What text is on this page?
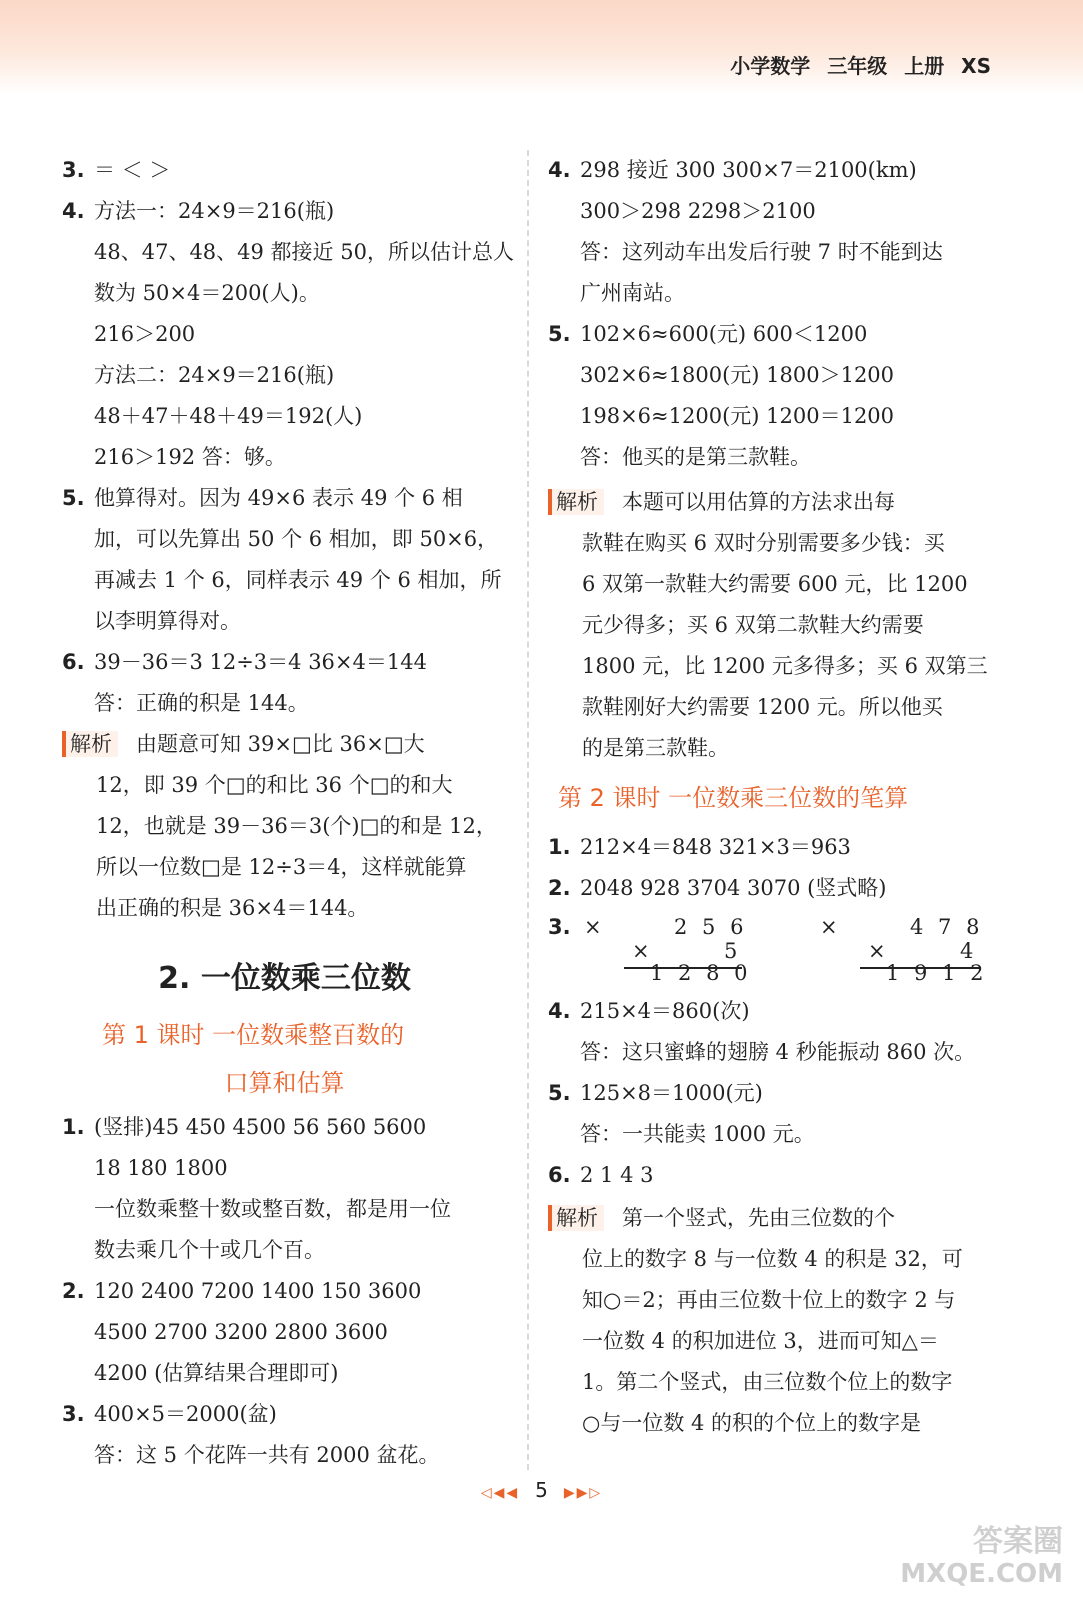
小学数学 三年级 上册 XS
3. ＝ ＜ ＞
4. 方法一：24×9＝216(瓶)
48、47、48、49 都接近 50，所以估计总人
数为 50×4＝200(人)。
216＞200
方法二：24×9＝216(瓶)
48＋47＋48＋49＝192(人)
216＞192 答：够。
5. 他算得对。因为 49×6 表示 49 个 6 相
加，可以先算出 50 个 6 相加，即 50×6，
再减去 1 个 6，同样表示 49 个 6 相加，所
以李明算得对。
6. 39－36＝3 12÷3＝4 36×4＝144
答：正确的积是 144。
解析 由题意可知 39×□比 36×□大
12，即 39 个□的和比 36 个□的和大
12，也就是 39－36＝3(个)□的和是 12，
所以一位数□是 12÷3＝4，这样就能算
出正确的积是 36×4＝144。
2. 一位数乘三位数
第 1 课时 一位数乘整百数的
口算和估算
1. (竖排)45 450 4500 56 560 5600
18 180 1800
一位数乘整十数或整百数，都是用一位
数去乘几个十或几个百。
2. 120 2400 7200 1400 150 3600
4500 2700 3200 2800 3600
4200 (估算结果合理即可)
3. 400×5＝2000(盆)
答：这 5 个花阵一共有 2000 盆花。
4. 298 接近 300 300×7＝2100(km)
300＞298 2298＞2100
答：这列动车出发后行驶 7 时不能到达
广州南站。
5. 102×6≈600(元) 600＜1200
302×6≈1800(元) 1800＞1200
198×6≈1200(元) 1200＝1200
答：他买的是第三款鞋。
解析 本题可以用估算的方法求出每
款鞋在购买 6 双时分别需要多少钱：买
6 双第一款鞋大约需要 600 元，比 1200
元少得多；买 6 双第二款鞋大约需要
1800 元，比 1200 元多得多；买 6 双第三
款鞋刚好大约需要 1200 元。所以他买
的是第三款鞋。
第 2 课时 一位数乘三位数的笔算
1. 212×4＝848 321×3＝963
2. 2048 928 3704 3070 (竖式略)
3. ×	2 5 6
×	5
1 2 8 0
×	4 7 8
×	4
1 9 1 2
4. 215×4＝860(次)
答：这只蜜蜂的翅膀 4 秒能振动 860 次。
5. 125×8＝1000(元)
答：一共能卖 1000 元。
6. 2 1 4 3
解析 第一个竖式，先由三位数的个
位上的数字 8 与一位数 4 的积是 32，可
知○＝2；再由三位数十位上的数字 2 与
一位数 4 的积加进位 3，进而可知△＝
1。第二个竖式，由三位数个位上的数字
○与一位数 4 的积的个位上的数字是
◁◀◀ 5 ▶▶▷
答案圈
MXQE.COM
